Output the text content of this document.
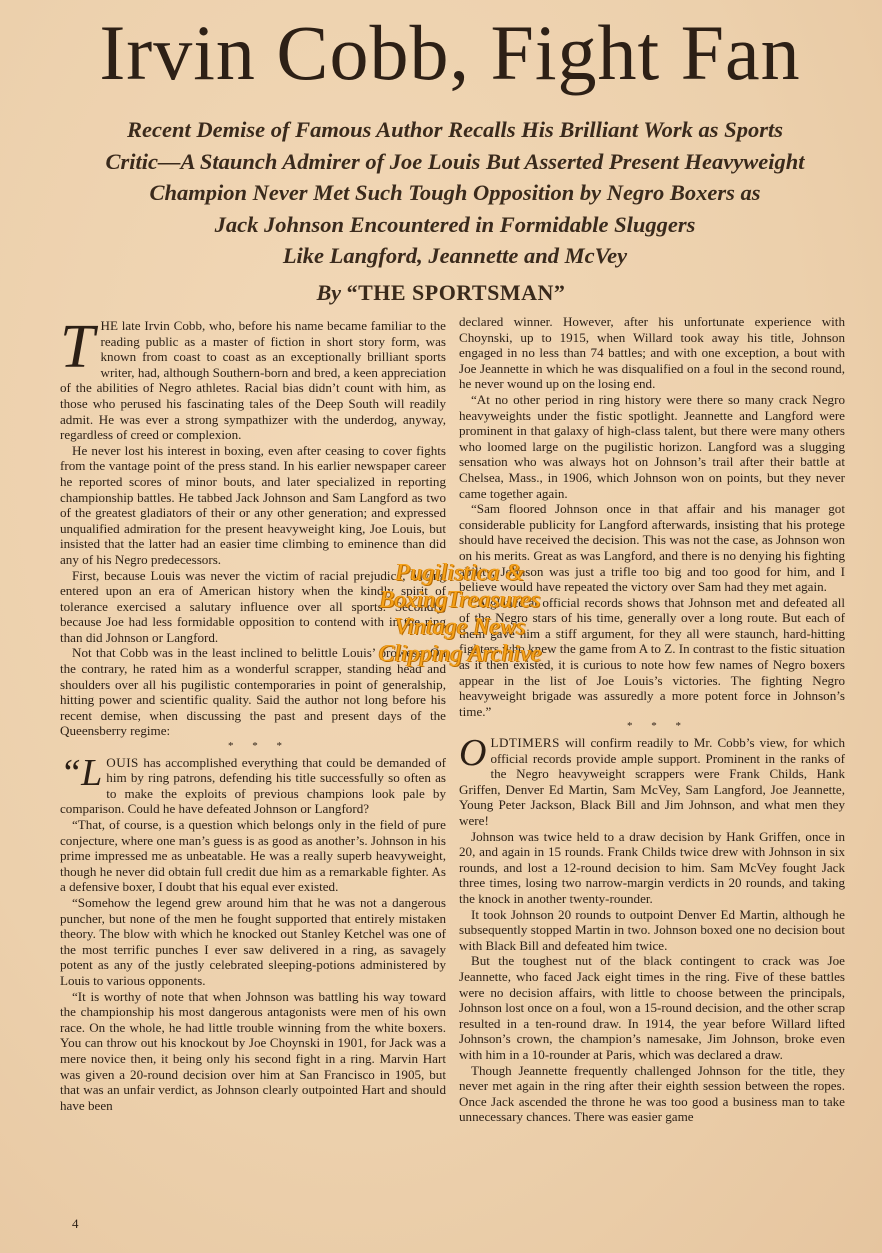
Irvin Cobb, Fight Fan
Recent Demise of Famous Author Recalls His Brilliant Work as Sports
Critic—A Staunch Admirer of Joe Louis But Asserted Present Heavyweight
Champion Never Met Such Tough Opposition by Negro Boxers as
Jack Johnson Encountered in Formidable Sluggers
Like Langford, Jeannette and McVey
By “THE SPORTSMAN”

THE late Irvin Cobb, who, before his name became familiar to the reading public as a master of fiction in short story form, was known from coast to coast as an exceptionally brilliant sports writer, had, although Southern-born and bred, a keen appreciation of the abilities of Negro athletes. Racial bias didn’t count with him, as those who perused his fascinating tales of the Deep South will readily admit. He was ever a strong sympathizer with the underdog, anyway, regardless of creed or complexion.

He never lost his interest in boxing, even after ceasing to cover fights from the vantage point of the press stand. In his earlier newspaper career he reported scores of minor bouts, and later specialized in reporting championship battles. He tabbed Jack Johnson and Sam Langford as two of the greatest gladiators of their or any other generation; and expressed unqualified admiration for the present heavyweight king, Joe Louis, but insisted that the latter had an easier time climbing to eminence than did any of his Negro predecessors.

First, because Louis was never the victim of racial prejudice, having entered upon an era of American history when the kindly spirit of tolerance exercised a salutary influence over all sports. Secondly, because Joe had less formidable opposition to contend with in the ring than did Johnson or Langford.

Not that Cobb was in the least inclined to belittle Louis’ prowess. On the contrary, he rated him as a wonderful scrapper, standing head and shoulders over all his pugilistic contemporaries in point of generalship, hitting power and scientific quality. Said the author not long before his recent demise, when discussing the past and present days of the Queensberry regime:

* * *

“LOUIS has accomplished everything that could be demanded of him by ring patrons, defending his title successfully so often as to make the exploits of previous champions look pale by comparison. Could he have defeated Johnson or Langford?

“That, of course, is a question which belongs only in the field of pure conjecture, where one man’s guess is as good as another’s. Johnson in his prime impressed me as unbeatable. He was a really superb heavyweight, though he never did obtain full credit due him as a remarkable fighter. As a defensive boxer, I doubt that his equal ever existed.

“Somehow the legend grew around him that he was not a dangerous puncher, but none of the men he fought supported that entirely mistaken theory. The blow with which he knocked out Stanley Ketchel was one of the most terrific punches I ever saw delivered in a ring, as savagely potent as any of the justly celebrated sleeping-potions administered by Louis to various opponents.

“It is worthy of note that when Johnson was battling his way toward the championship his most dangerous antagonists were men of his own race. On the whole, he had little trouble winning from the white boxers. You can throw out his knockout by Joe Choynski in 1901, for Jack was a mere novice then, it being only his second fight in a ring. Marvin Hart was given a 20-round decision over him at San Francisco in 1905, but that was an unfair verdict, as Johnson clearly outpointed Hart and should have been

declared winner. However, after his unfortunate experience with Choynski, up to 1915, when Willard took away his title, Johnson engaged in no less than 74 battles; and with one exception, a bout with Joe Jeannette in which he was disqualified on a foul in the second round, he never wound up on the losing end.

“At no other period in ring history were there so many crack Negro heavyweights under the fistic spotlight. Jeannette and Langford were prominent in that galaxy of high-class talent, but there were many others who loomed large on the pugilistic horizon. Langford was a slugging sensation who was always hot on Johnson’s trail after their battle at Chelsea, Mass., in 1906, which Johnson won on points, but they never came together again.

“Sam floored Johnson once in that affair and his manager got considerable publicity for Langford afterwards, insisting that his protege should have received the decision. This was not the case, as Johnson won on his merits. Great as was Langford, and there is no denying his fighting ability, Johnson was just a trifle too big and too good for him, and I believe would have repeated the victory over Sam had they met again.

“A glance at official records shows that Johnson met and defeated all of the Negro stars of his time, generally over a long route. But each of them gave him a stiff argument, for they all were staunch, hard-hitting fighters who knew the game from A to Z. In contrast to the fistic situation as it then existed, it is curious to note how few names of Negro boxers appear in the list of Joe Louis’s victories. The fighting Negro heavyweight brigade was assuredly a more potent force in Johnson’s time.”

* * *

OLDTIMERS will confirm readily to Mr. Cobb’s view, for which official records provide ample support. Prominent in the ranks of the Negro heavyweight scrappers were Frank Childs, Hank Griffen, Denver Ed Martin, Sam McVey, Sam Langford, Joe Jeannette, Young Peter Jackson, Black Bill and Jim Johnson, and what men they were!

Johnson was twice held to a draw decision by Hank Griffen, once in 20, and again in 15 rounds. Frank Childs twice drew with Johnson in six rounds, and lost a 12-round decision to him. Sam McVey fought Jack three times, losing two narrow-margin verdicts in 20 rounds, and taking the knock in another twenty-rounder.

It took Johnson 20 rounds to outpoint Denver Ed Martin, although he subsequently stopped Martin in two. Johnson boxed one no decision bout with Black Bill and defeated him twice.

But the toughest nut of the black contingent to crack was Joe Jeannette, who faced Jack eight times in the ring. Five of these battles were no decision affairs, with little to choose between the principals, Johnson lost once on a foul, won a 15-round decision, and the other scrap resulted in a ten-round draw. In 1914, the year before Willard lifted Johnson’s crown, the champion’s namesake, Jim Johnson, broke even with him in a 10-rounder at Paris, which was declared a draw.

Though Jeannette frequently challenged Johnson for the title, they never met again in the ring after their eighth session between the ropes. Once Jack ascended the throne he was too good a business man to take unnecessary chances. There was easier game

Pugilistica &
BoxingTreasures
Vintage News
Clipping Archive
4
